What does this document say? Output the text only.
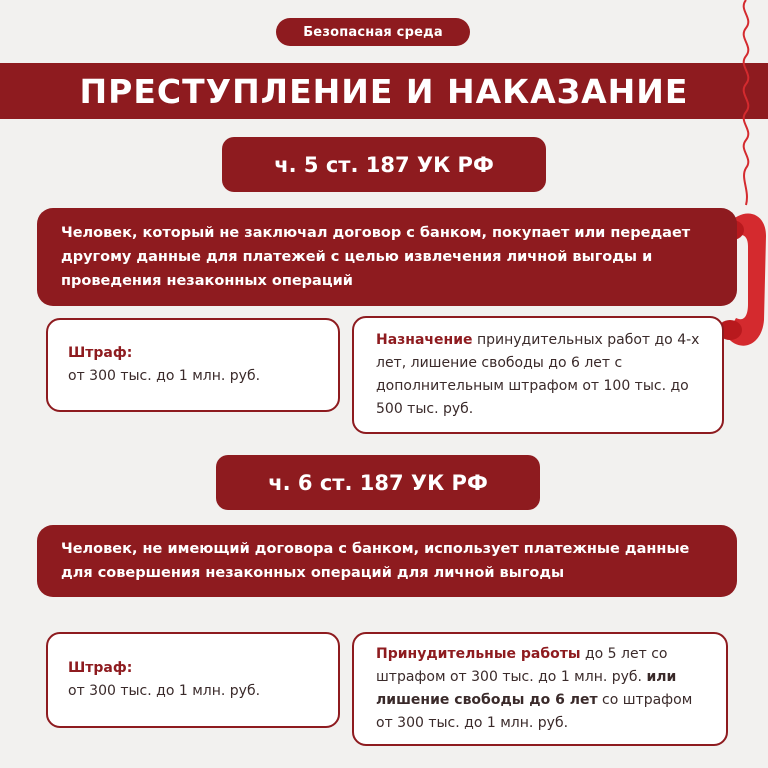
Безопасная среда
ПРЕСТУПЛЕНИЕ И НАКАЗАНИЕ
ч. 5 ст. 187 УК РФ
Человек, который не заключал договор с банком, покупает или передает другому данные для платежей с целью извлечения личной выгоды и проведения незаконных операций
Штраф:
от 300 тыс. до 1 млн. руб.
Назначение принудительных работ до 4-х лет, лишение свободы до 6 лет с дополнительным штрафом от 100 тыс. до 500 тыс. руб.
ч. 6 ст. 187 УК РФ
Человек, не имеющий договора с банком, использует платежные данные для совершения незаконных операций для личной выгоды
Штраф:
от 300 тыс. до 1 млн. руб.
Принудительные работы до 5 лет со штрафом от 300 тыс. до 1 млн. руб. или лишение свободы до 6 лет со штрафом от 300 тыс. до 1 млн. руб.
